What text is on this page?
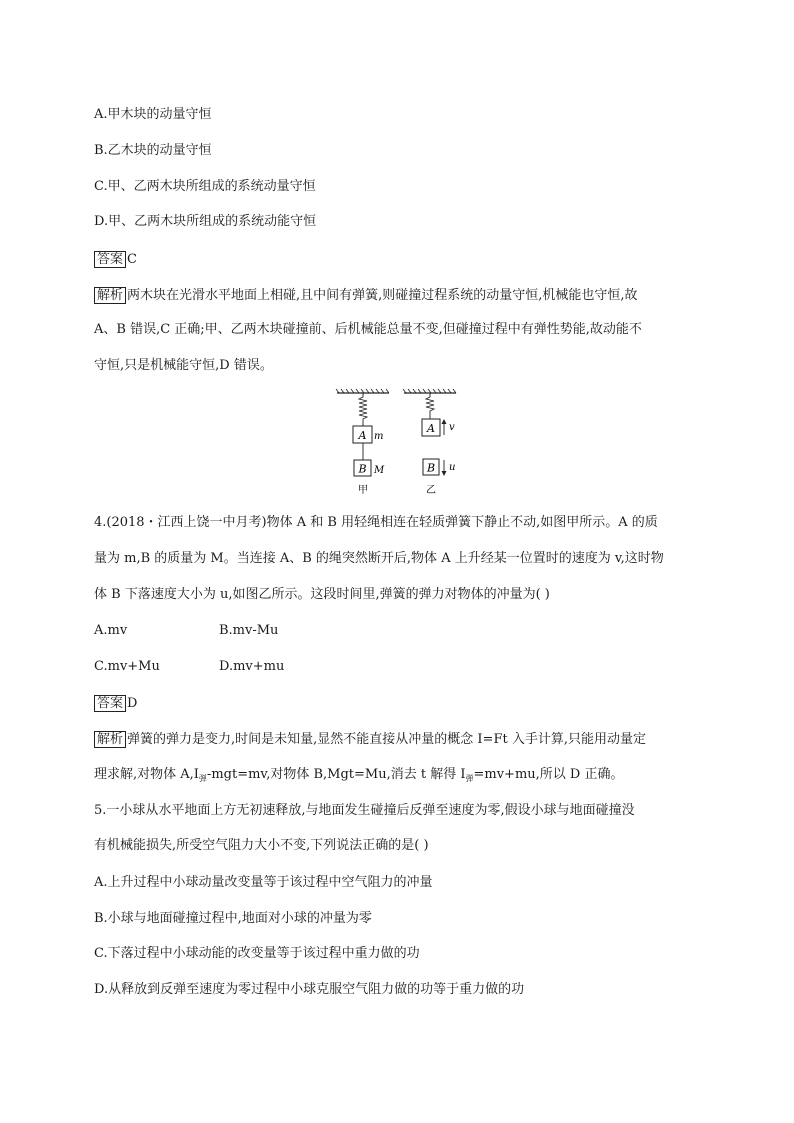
A.甲木块的动量守恒
B.乙木块的动量守恒
C.甲、乙两木块所组成的系统动量守恒
D.甲、乙两木块所组成的系统动能守恒
答案 C
解析 两木块在光滑水平地面上相碰,且中间有弹簧,则碰撞过程系统的动量守恒,机械能也守恒,故
A、B 错误,C 正确;甲、乙两木块碰撞前、后机械能总量不变,但碰撞过程中有弹性势能,故动能不
守恒,只是机械能守恒,D 错误。
A m
B M
甲
A v
B u
乙
4.(2018・江西上饶一中月考)物体 A 和 B 用轻绳相连在轻质弹簧下静止不动,如图甲所示。A 的质
量为 m,B 的质量为 M。当连接 A、B 的绳突然断开后,物体 A 上升经某一位置时的速度为 v,这时物
体 B 下落速度大小为 u,如图乙所示。这段时间里,弹簧的弹力对物体的冲量为( )
A.mv	B.mv-Mu
C.mv+Mu	D.mv+mu
答案 D
解析 弹簧的弹力是变力,时间是未知量,显然不能直接从冲量的概念 I=Ft 入手计算,只能用动量定
理求解,对物体 $A,I_弹-mgt=mv$,对物体 B,Mgt=Mu,消去 t 解得 $I_弹=mv+mu$,所以 D 正确。
5.一小球从水平地面上方无初速释放,与地面发生碰撞后反弹至速度为零,假设小球与地面碰撞没
有机械能损失,所受空气阻力大小不变,下列说法正确的是( )
A.上升过程中小球动量改变量等于该过程中空气阻力的冲量
B.小球与地面碰撞过程中,地面对小球的冲量为零
C.下落过程中小球动能的改变量等于该过程中重力做的功
D.从释放到反弹至速度为零过程中小球克服空气阻力做的功等于重力做的功
